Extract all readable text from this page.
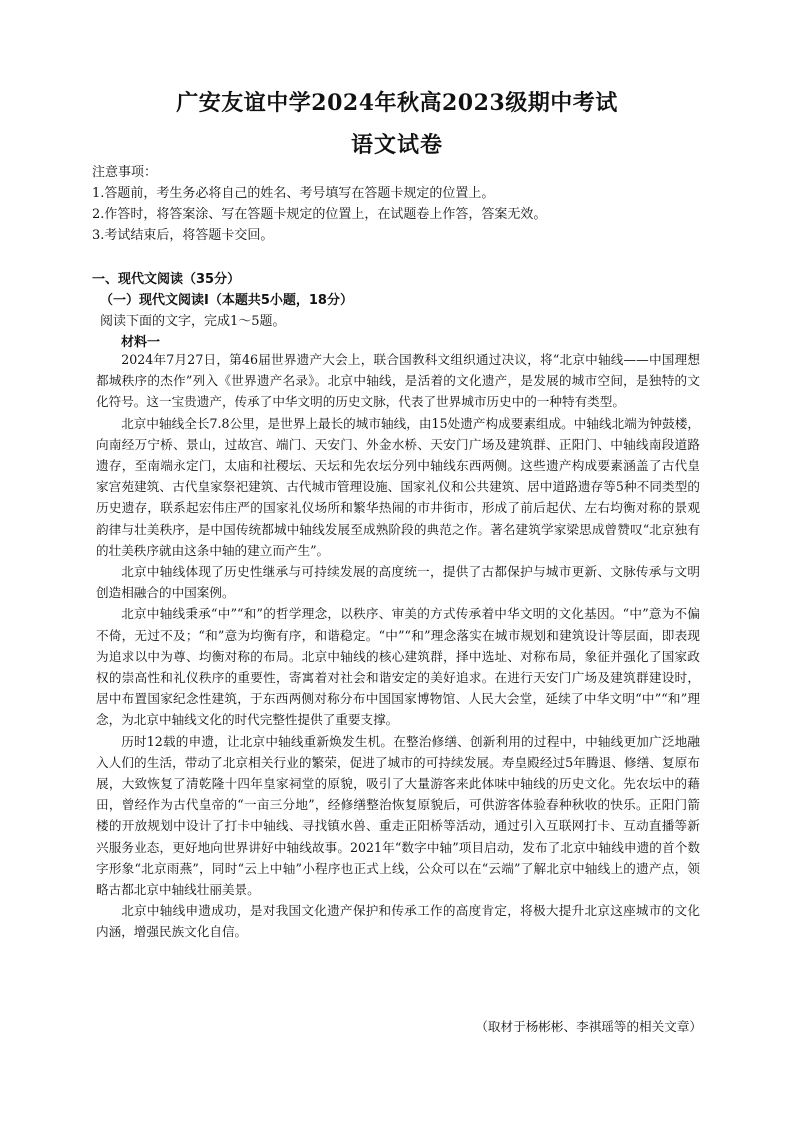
广安友谊中学2024年秋高2023级期中考试
语文试卷
注意事项：
1.答题前，考生务必将自己的姓名、考号填写在答题卡规定的位置上。
2.作答时，将答案涂、写在答题卡规定的位置上，在试题卷上作答，答案无效。
3.考试结束后，将答题卡交回。
一、现代文阅读（35分）
（一）现代文阅读Ⅰ（本题共5小题，18分）
阅读下面的文字，完成1～5题。
材料一

2024年7月27日，第46届世界遗产大会上，联合国教科文组织通过决议，将“北京中轴线——中国理想都城秩序的杰作”列入《世界遗产名录》。北京中轴线，是活着的文化遗产，是发展的城市空间，是独特的文化符号。这一宝贵遗产，传承了中华文明的历史文脉，代表了世界城市历史中的一种特有类型。

北京中轴线全长7.8公里，是世界上最长的城市轴线，由15处遗产构成要素组成。中轴线北端为钟鼓楼，向南经万宁桥、景山，过故宫、端门、天安门、外金水桥、天安门广场及建筑群、正阳门、中轴线南段道路遗存，至南端永定门，太庙和社稷坛、天坛和先农坛分列中轴线东西两侧。这些遗产构成要素涵盖了古代皇家宫苑建筑、古代皇家祭祀建筑、古代城市管理设施、国家礼仪和公共建筑、居中道路遗存等5种不同类型的历史遗存，联系起宏伟庄严的国家礼仪场所和繁华热闹的市井街市，形成了前后起伏、左右均衡对称的景观韵律与壮美秩序，是中国传统都城中轴线发展至成熟阶段的典范之作。著名建筑学家梁思成曾赞叹“北京独有的壮美秩序就由这条中轴的建立而产生”。

北京中轴线体现了历史性继承与可持续发展的高度统一，提供了古都保护与城市更新、文脉传承与文明创造相融合的中国案例。

北京中轴线秉承“中”“和”的哲学理念，以秩序、审美的方式传承着中华文明的文化基因。“中”意为不偏不倚，无过不及；“和”意为均衡有序，和谐稳定。“中”“和”理念落实在城市规划和建筑设计等层面，即表现为追求以中为尊、均衡对称的布局。北京中轴线的核心建筑群，择中选址、对称布局，象征并强化了国家政权的崇高性和礼仪秩序的重要性，寄寓着对社会和谐安定的美好追求。在进行天安门广场及建筑群建设时，居中布置国家纪念性建筑，于东西两侧对称分布中国国家博物馆、人民大会堂，延续了中华文明“中”“和”理念，为北京中轴线文化的时代完整性提供了重要支撑。

历时12载的申遗，让北京中轴线重新焕发生机。在整治修缮、创新利用的过程中，中轴线更加广泛地融入人们的生活，带动了北京相关行业的繁荣，促进了城市的可持续发展。寿皇殿经过5年腾退、修缮、复原布展，大致恢复了清乾隆十四年皇家祠堂的原貌，吸引了大量游客来此体味中轴线的历史文化。先农坛中的藉田，曾经作为古代皇帝的“一亩三分地”，经修缮整治恢复原貌后，可供游客体验春种秋收的快乐。正阳门箭楼的开放规划中设计了打卡中轴线、寻找镇水兽、重走正阳桥等活动，通过引入互联网打卡、互动直播等新兴服务业态，更好地向世界讲好中轴线故事。2021年“数字中轴”项目启动，发布了北京中轴线申遗的首个数字形象“北京雨燕”，同时“云上中轴”小程序也正式上线，公众可以在“云端”了解北京中轴线上的遗产点，领略古都北京中轴线壮丽美景。

北京中轴线申遗成功，是对我国文化遗产保护和传承工作的高度肯定，将极大提升北京这座城市的文化内涵，增强民族文化自信。

（取材于杨彬彬、李祺瑶等的相关文章）
